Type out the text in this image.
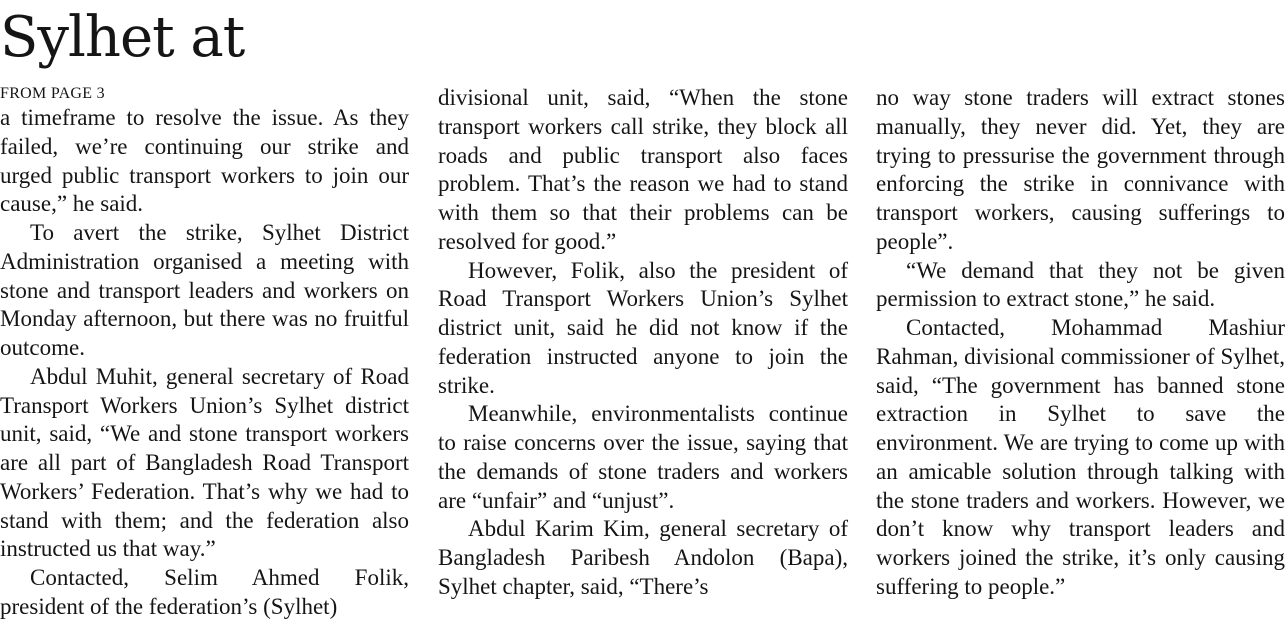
Sylhet at
FROM PAGE 3

a timeframe to resolve the issue. As they failed, we’re continuing our strike and urged public transport workers to join our cause,” he said.

To avert the strike, Sylhet District Administration organised a meeting with stone and transport leaders and workers on Monday afternoon, but there was no fruitful outcome.

Abdul Muhit, general secretary of Road Transport Workers Union’s Sylhet district unit, said, “We and stone transport workers are all part of Bangladesh Road Transport Workers’ Federation. That’s why we had to stand with them; and the federation also instructed us that way.”

Contacted, Selim Ahmed Folik, president of the federation’s (Sylhet)

divisional unit, said, “When the stone transport workers call strike, they block all roads and public transport also faces problem. That’s the reason we had to stand with them so that their problems can be resolved for good.”

However, Folik, also the president of Road Transport Workers Union’s Sylhet district unit, said he did not know if the federation instructed anyone to join the strike.

Meanwhile, environmentalists continue to raise concerns over the issue, saying that the demands of stone traders and workers are “unfair” and “unjust”.

Abdul Karim Kim, general secretary of Bangladesh Paribesh Andolon (Bapa), Sylhet chapter, said, “There’s

no way stone traders will extract stones manually, they never did. Yet, they are trying to pressurise the government through enforcing the strike in connivance with transport workers, causing sufferings to people”.

“We demand that they not be given permission to extract stone,” he said.

Contacted, Mohammad Mashiur Rahman, divisional commissioner of Sylhet, said, “The government has banned stone extraction in Sylhet to save the environment. We are trying to come up with an amicable solution through talking with the stone traders and workers. However, we don’t know why transport leaders and workers joined the strike, it’s only causing suffering to people.”
